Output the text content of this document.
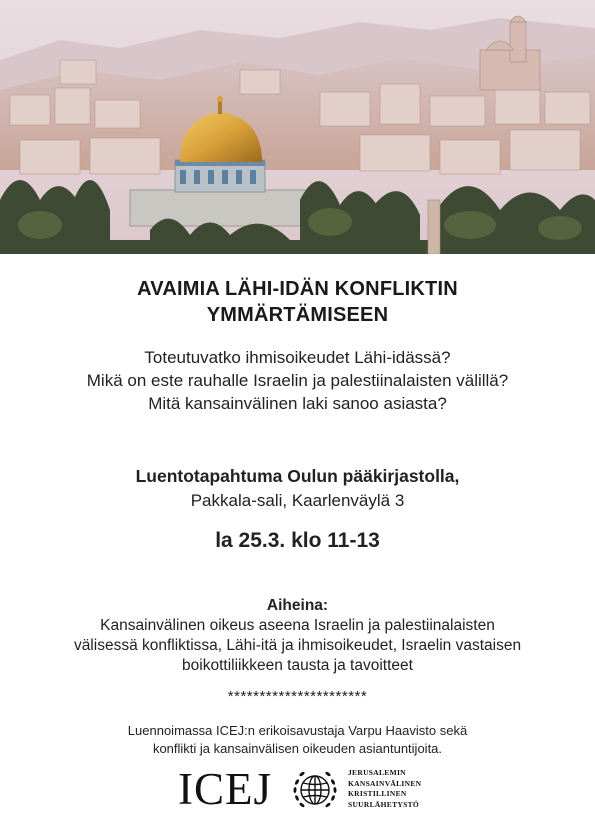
AVAIMIA LÄHI-IDÄN KONFLIKTIN
YMMÄRTÄMISEEN
Toteutuvatko ihmisoikeudet Lähi-idässä?
Mikä on este rauhalle Israelin ja palestiinalaisten välillä?
Mitä kansainvälinen laki sanoo asiasta?
Luentotapahtuma Oulun pääkirjastolla,
Pakkala-sali, Kaarlenväylä 3
la 25.3. klo 11-13
Aiheina:
Kansainvälinen oikeus aseena Israelin ja palestiinalaisten
välisessä konfliktissa, Lähi-itä ja ihmisoikeudet, Israelin vastaisen
boikottiliikkeen tausta ja tavoitteet
**********************
Luennoimassa ICEJ:n erikoisavustaja Varpu Haavisto sekä
konflikti ja kansainvälisen oikeuden asiantuntijoita.
ICEJ	JERUSALEMIN
KANSAINVÄLINEN
KRISTILLINEN
SUURLÄHETYSTÖ
